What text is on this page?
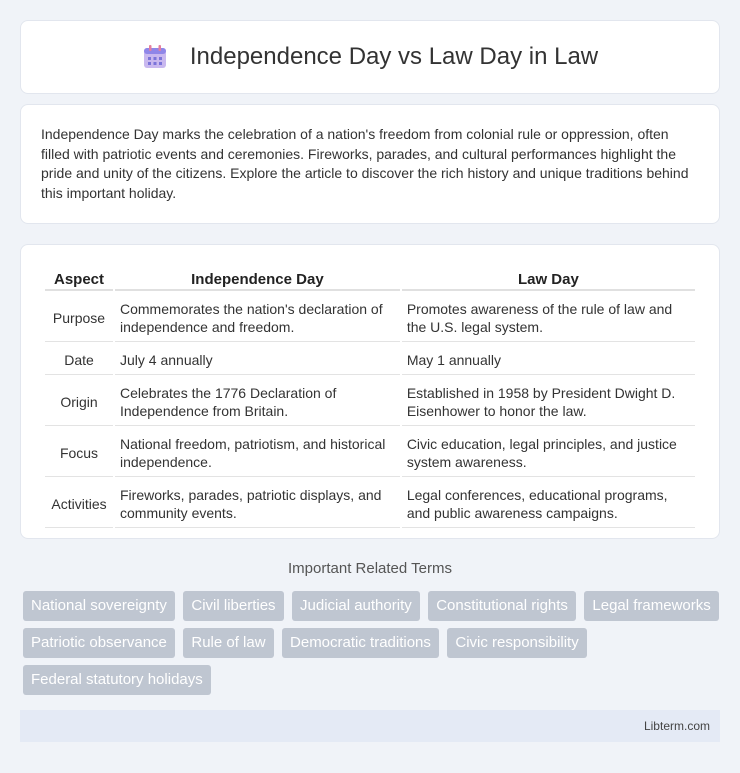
Independence Day vs Law Day in Law

Independence Day marks the celebration of a nation's freedom from colonial rule or oppression, often filled with patriotic events and ceremonies. Fireworks, parades, and cultural performances highlight the pride and unity of the citizens. Explore the article to discover the rich history and unique traditions behind this important holiday.

Aspect	Independence Day	Law Day
Purpose	Commemorates the nation's declaration of independence and freedom.	Promotes awareness of the rule of law and the U.S. legal system.
Date	July 4 annually	May 1 annually
Origin	Celebrates the 1776 Declaration of Independence from Britain.	Established in 1958 by President Dwight D. Eisenhower to honor the law.
Focus	National freedom, patriotism, and historical independence.	Civic education, legal principles, and justice system awareness.
Activities	Fireworks, parades, patriotic displays, and community events.	Legal conferences, educational programs, and public awareness campaigns.
Important Related Terms
National sovereignty Civil liberties Judicial authority Constitutional rights Legal frameworks Patriotic observance Rule of law Democratic traditions Civic responsibility Federal statutory holidays
Libterm.com
